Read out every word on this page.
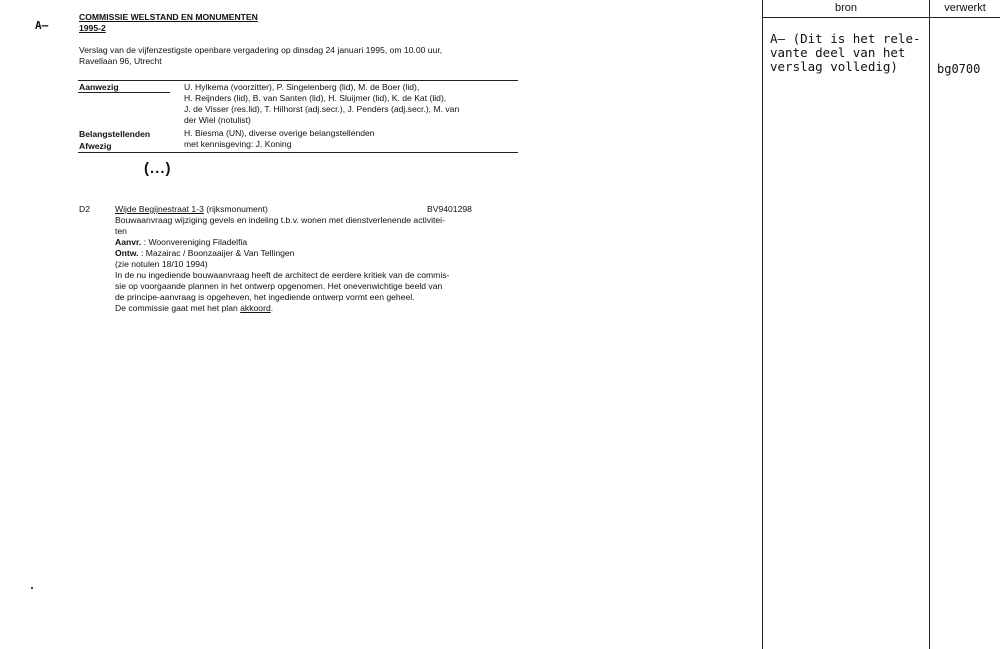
A–
COMMISSIE WELSTAND EN MONUMENTEN
1995-2
Verslag van de vijfenzestigste openbare vergadering op dinsdag 24 januari 1995, om 10.00 uur,
Ravellaan 96, Utrecht
Aanwezig	U. Hylkema (voorzitter), P. Singelenberg (lid), M. de Boer (lid),
H. Reijnders (lid), B. van Santen (lid), H. Sluijmer (lid), K. de Kat (lid),
J. de Visser (res.lid), T. Hilhorst (adj.secr.), J. Penders (adj.secr.), M. van
der Wiel (notulist)
Belangstellenden	H. Biesma (UN), diverse overige belangstellenden
Afwezig	met kennisgeving: J. Koning
(...)
D2	Wijde Begijnestraat 1-3 (rijksmonument)	BV9401298

Bouwaanvraag wijziging gevels en indeling t.b.v. wonen met dienstverlenende activitei-

ten

Aanvr. : Woonvereniging Filadelfia

Ontw. : Mazairac / Boonzaaijer & Van Tellingen

(zie notulen 18/10 1994)

In de nu ingediende bouwaanvraag heeft de architect de eerdere kritiek van de commis-

sie op voorgaande plannen in het ontwerp opgenomen. Het onevenwichtige beeld van

de principe-aanvraag is opgeheven, het ingediende ontwerp vormt een geheel.

De commissie gaat met het plan akkoord.

bron	verwerkt
A– (Dit is het rele-
vante deel van het
verslag volledig)	bg0700
